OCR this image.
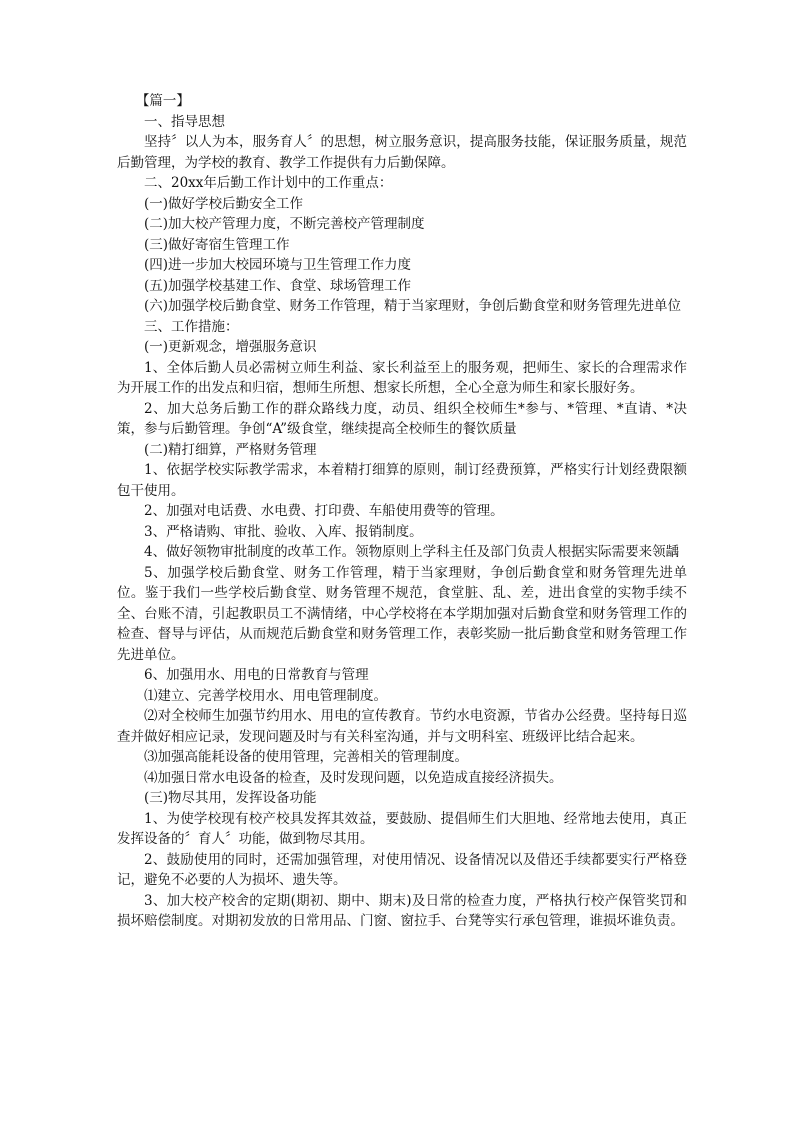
【篇一】

一、指导思想

坚持〞以人为本，服务育人〞的思想，树立服务意识，提高服务技能，保证服务质量，规范后勤管理，为学校的教育、教学工作提供有力后勤保障。

二、20xx年后勤工作计划中的工作重点：

(一)做好学校后勤安全工作

(二)加大校产管理力度，不断完善校产管理制度

(三)做好寄宿生管理工作

(四)进一步加大校园环境与卫生管理工作力度

(五)加强学校基建工作、食堂、球场管理工作

(六)加强学校后勤食堂、财务工作管理，精于当家理财，争创后勤食堂和财务管理先进单位

三、工作措施：

(一)更新观念，增强服务意识

1、全体后勤人员必需树立师生利益、家长利益至上的服务观，把师生、家长的合理需求作为开展工作的出发点和归宿，想师生所想、想家长所想，全心全意为师生和家长服好务。

2、加大总务后勤工作的群众路线力度，动员、组织全校师生*参与、*管理、*直请、*决策，参与后勤管理。争创“A”级食堂，继续提高全校师生的餐饮质量

(二)精打细算，严格财务管理

1、依据学校实际教学需求，本着精打细算的原则，制订经费预算，严格实行计划经费限额包干使用。

2、加强对电话费、水电费、打印费、车船使用费等的管理。

3、严格请购、审批、验收、入库、报销制度。

4、做好领物审批制度的改革工作。领物原则上学科主任及部门负责人根据实际需要来领龋

5、加强学校后勤食堂、财务工作管理，精于当家理财，争创后勤食堂和财务管理先进单位。鉴于我们一些学校后勤食堂、财务管理不规范，食堂脏、乱、差，进出食堂的实物手续不全、台账不清，引起教职员工不满情绪，中心学校将在本学期加强对后勤食堂和财务管理工作的检查、督导与评估，从而规范后勤食堂和财务管理工作，表彰奖励一批后勤食堂和财务管理工作先进单位。

6、加强用水、用电的日常教育与管理

⑴建立、完善学校用水、用电管理制度。

⑵对全校师生加强节约用水、用电的宣传教育。节约水电资源，节省办公经费。坚持每日巡查并做好相应记录，发现问题及时与有关科室沟通，并与文明科室、班级评比结合起来。

⑶加强高能耗设备的使用管理，完善相关的管理制度。

⑷加强日常水电设备的检查，及时发现问题，以免造成直接经济损失。

(三)物尽其用，发挥设备功能

1、为使学校现有校产校具发挥其效益，要鼓励、提倡师生们大胆地、经常地去使用，真正发挥设备的〞育人〞功能，做到物尽其用。

2、鼓励使用的同时，还需加强管理，对使用情况、设备情况以及借还手续都要实行严格登记，避免不必要的人为损坏、遗失等。

3、加大校产校舍的定期(期初、期中、期末)及日常的检查力度，严格执行校产保管奖罚和损坏赔偿制度。对期初发放的日常用品、门窗、窗拉手、台凳等实行承包管理，谁损坏谁负责。
